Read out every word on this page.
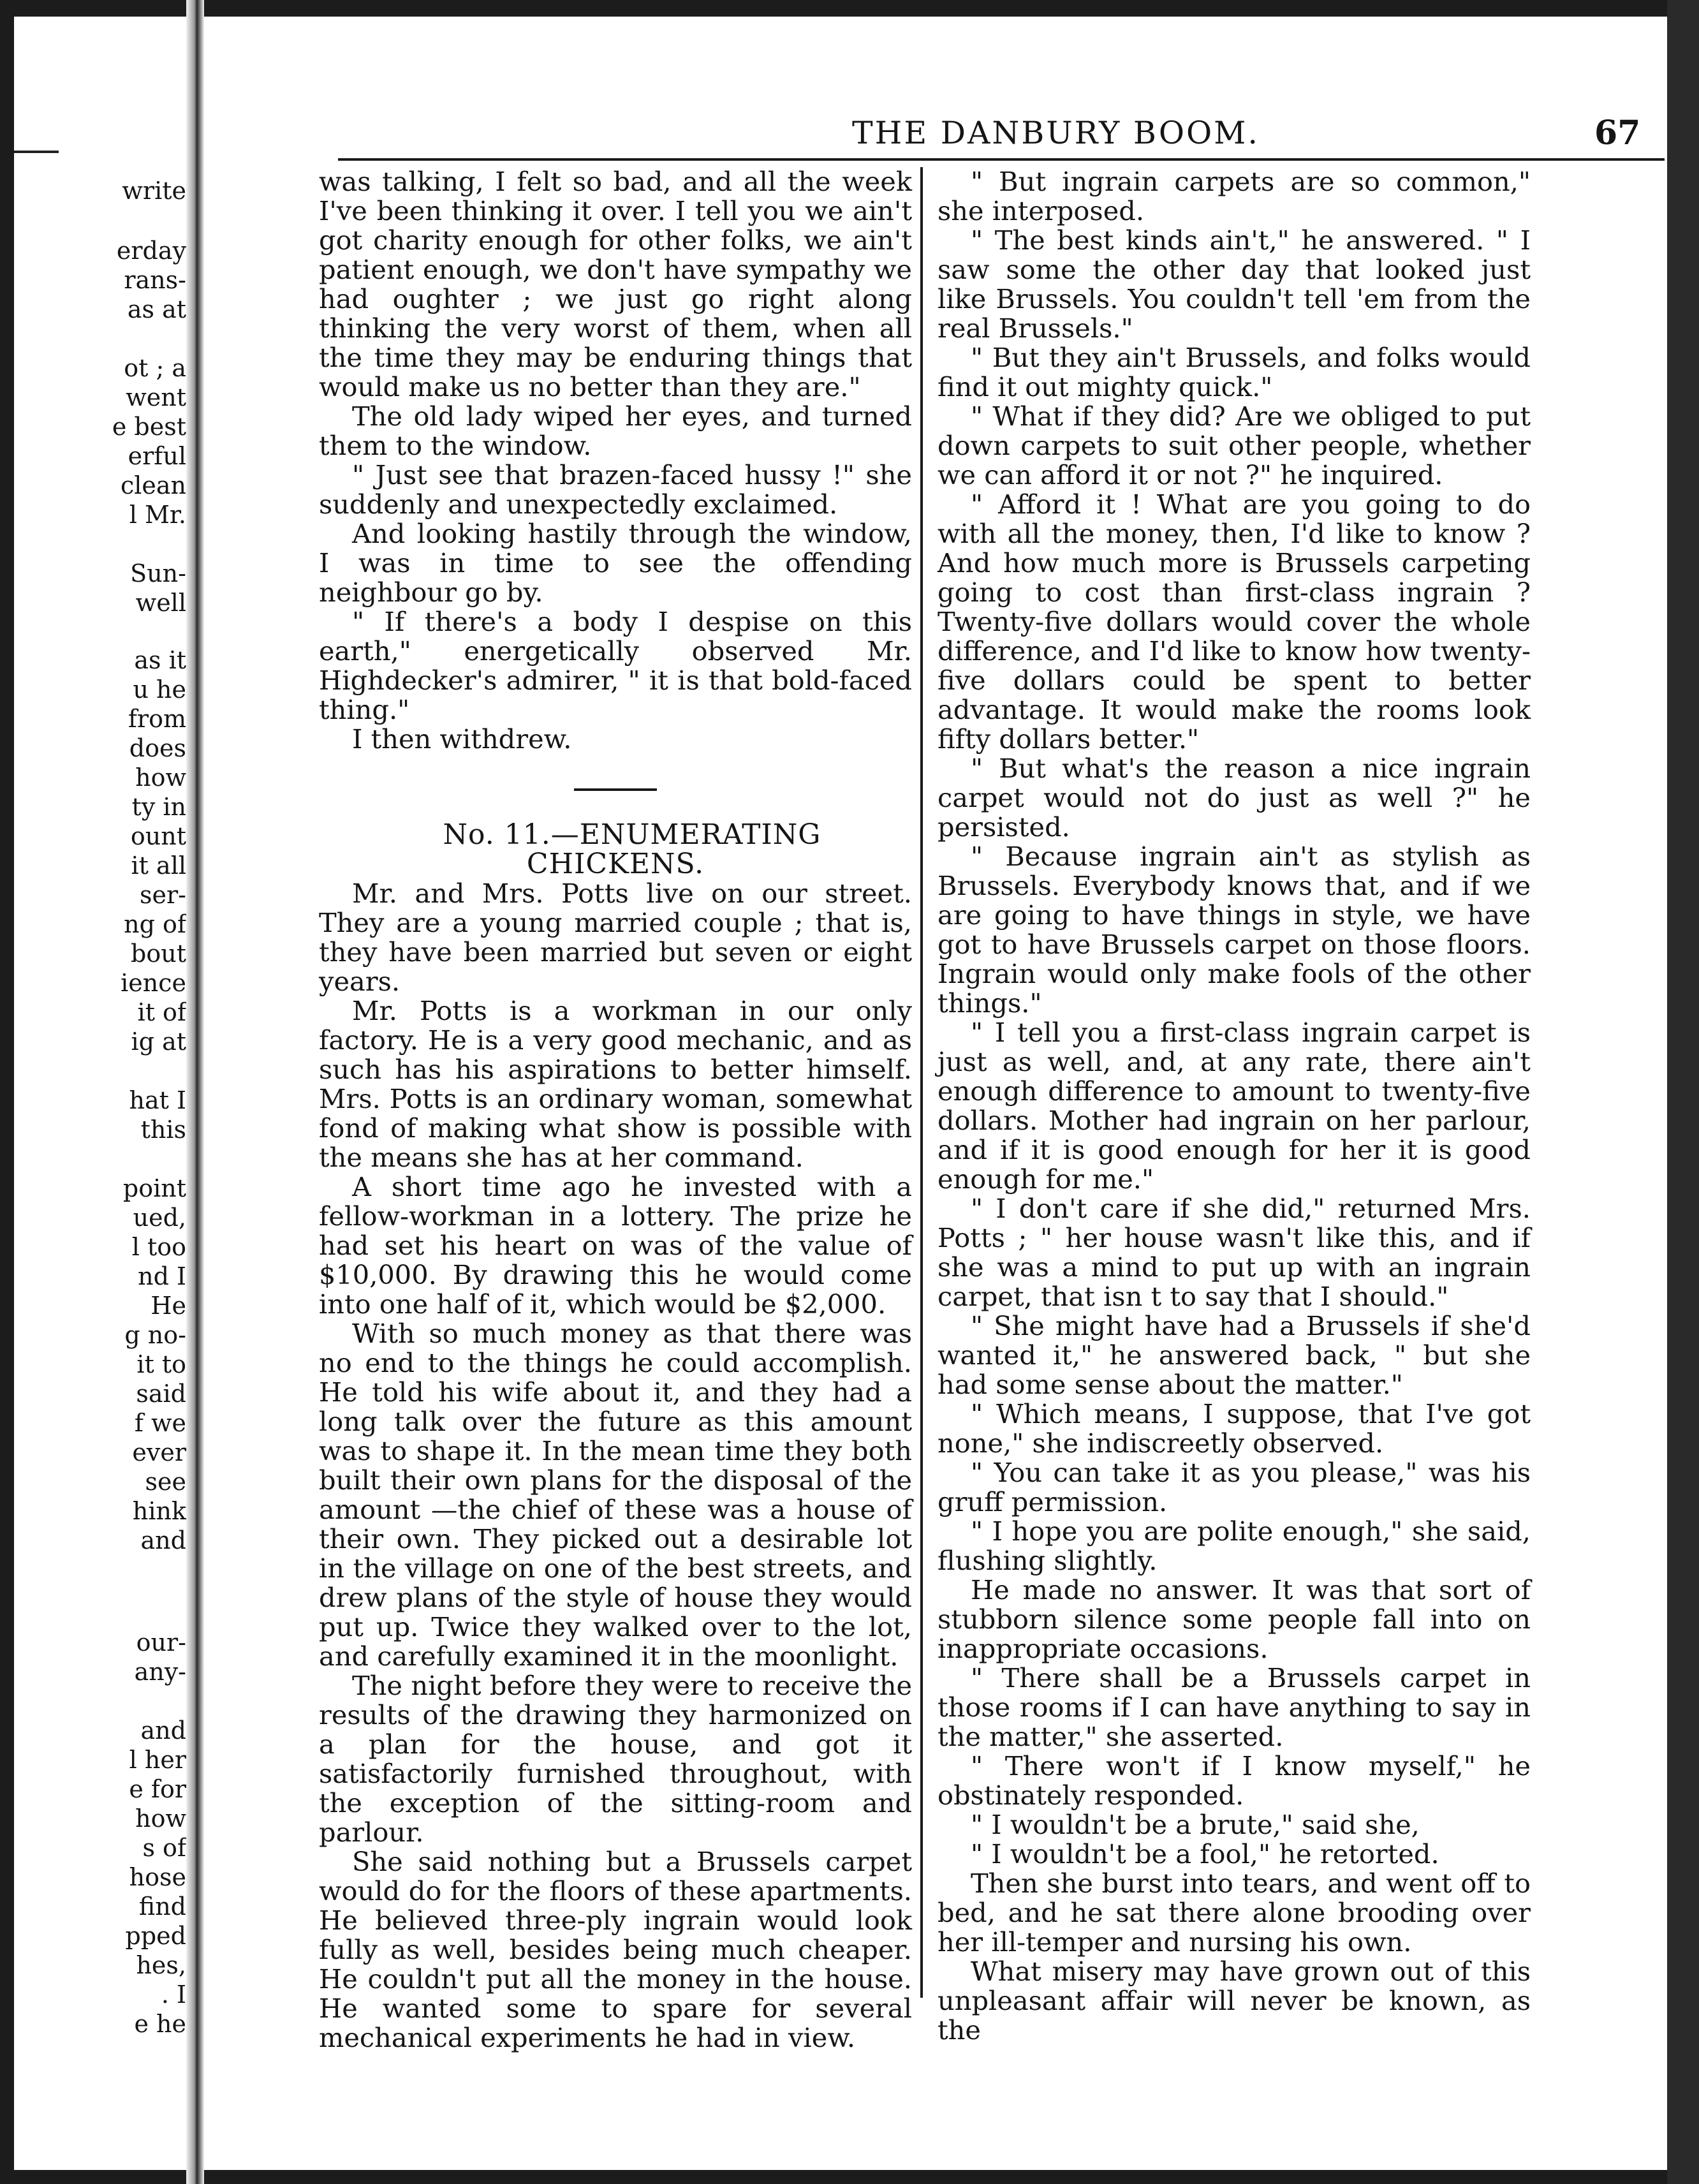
write
erday
rans-
as at
ot ; a
went
e best
erful
clean
l Mr.
Sun-
well
as it
u he
from
does
how
ty in
ount
it all
ser-
ng of
bout
ience
it of
ig at
hat I
this
point
ued,
l too
nd I
He
g no-
it to
said
f we
ever
see
hink
and
our-
any-
and
l her
e for
how
s of
hose
find
pped
hes,
. I
e he
THE DANBURY BOOM.	67

was talking, I felt so bad, and all the week I've been thinking it over. I tell you we ain't got charity enough for other folks, we ain't patient enough, we don't have sympathy we had oughter ; we just go right along thinking the very worst of them, when all the time they may be enduring things that would make us no better than they are."

The old lady wiped her eyes, and turned them to the window.

" Just see that brazen-faced hussy !" she suddenly and unexpectedly exclaimed.

And looking hastily through the window, I was in time to see the offending neighbour go by.

" If there's a body I despise on this earth," energetically observed Mr. Highdecker's admirer, " it is that bold-faced thing."

I then withdrew.

No. 11.—ENUMERATING CHICKENS.

Mr. and Mrs. Potts live on our street. They are a young married couple ; that is, they have been married but seven or eight years.

Mr. Potts is a workman in our only factory. He is a very good mechanic, and as such has his aspirations to better himself. Mrs. Potts is an ordinary woman, somewhat fond of making what show is possible with the means she has at her command.

A short time ago he invested with a fellow-workman in a lottery. The prize he had set his heart on was of the value of $10,000. By drawing this he would come into one half of it, which would be $2,000.

With so much money as that there was no end to the things he could accomplish. He told his wife about it, and they had a long talk over the future as this amount was to shape it. In the mean time they both built their own plans for the disposal of the amount —the chief of these was a house of their own. They picked out a desirable lot in the village on one of the best streets, and drew plans of the style of house they would put up. Twice they walked over to the lot, and carefully examined it in the moonlight.

The night before they were to receive the results of the drawing they harmonized on a plan for the house, and got it satisfactorily furnished throughout, with the exception of the sitting-room and parlour.

She said nothing but a Brussels carpet would do for the floors of these apartments. He believed three-ply ingrain would look fully as well, besides being much cheaper. He couldn't put all the money in the house. He wanted some to spare for several mechanical experiments he had in view.

" But ingrain carpets are so common," she interposed.

" The best kinds ain't," he answered. " I saw some the other day that looked just like Brussels. You couldn't tell 'em from the real Brussels."

" But they ain't Brussels, and folks would find it out mighty quick."

" What if they did? Are we obliged to put down carpets to suit other people, whether we can afford it or not ?" he inquired.

" Afford it ! What are you going to do with all the money, then, I'd like to know ? And how much more is Brussels carpeting going to cost than first-class ingrain ? Twenty-five dollars would cover the whole difference, and I'd like to know how twenty-five dollars could be spent to better advantage. It would make the rooms look fifty dollars better."

" But what's the reason a nice ingrain carpet would not do just as well ?" he persisted.

" Because ingrain ain't as stylish as Brussels. Everybody knows that, and if we are going to have things in style, we have got to have Brussels carpet on those floors. Ingrain would only make fools of the other things."

" I tell you a first-class ingrain carpet is just as well, and, at any rate, there ain't enough difference to amount to twenty-five dollars. Mother had ingrain on her parlour, and if it is good enough for her it is good enough for me."

" I don't care if she did," returned Mrs. Potts ; " her house wasn't like this, and if she was a mind to put up with an ingrain carpet, that isn t to say that I should."

" She might have had a Brussels if she'd wanted it," he answered back, " but she had some sense about the matter."

" Which means, I suppose, that I've got none," she indiscreetly observed.

" You can take it as you please," was his gruff permission.

" I hope you are polite enough," she said, flushing slightly.

He made no answer. It was that sort of stubborn silence some people fall into on inappropriate occasions.

" There shall be a Brussels carpet in those rooms if I can have anything to say in the matter," she asserted.

" There won't if I know myself," he obstinately responded.

" I wouldn't be a brute," said she,

" I wouldn't be a fool," he retorted.

Then she burst into tears, and went off to bed, and he sat there alone brooding over her ill-temper and nursing his own.

What misery may have grown out of this unpleasant affair will never be known, as the
